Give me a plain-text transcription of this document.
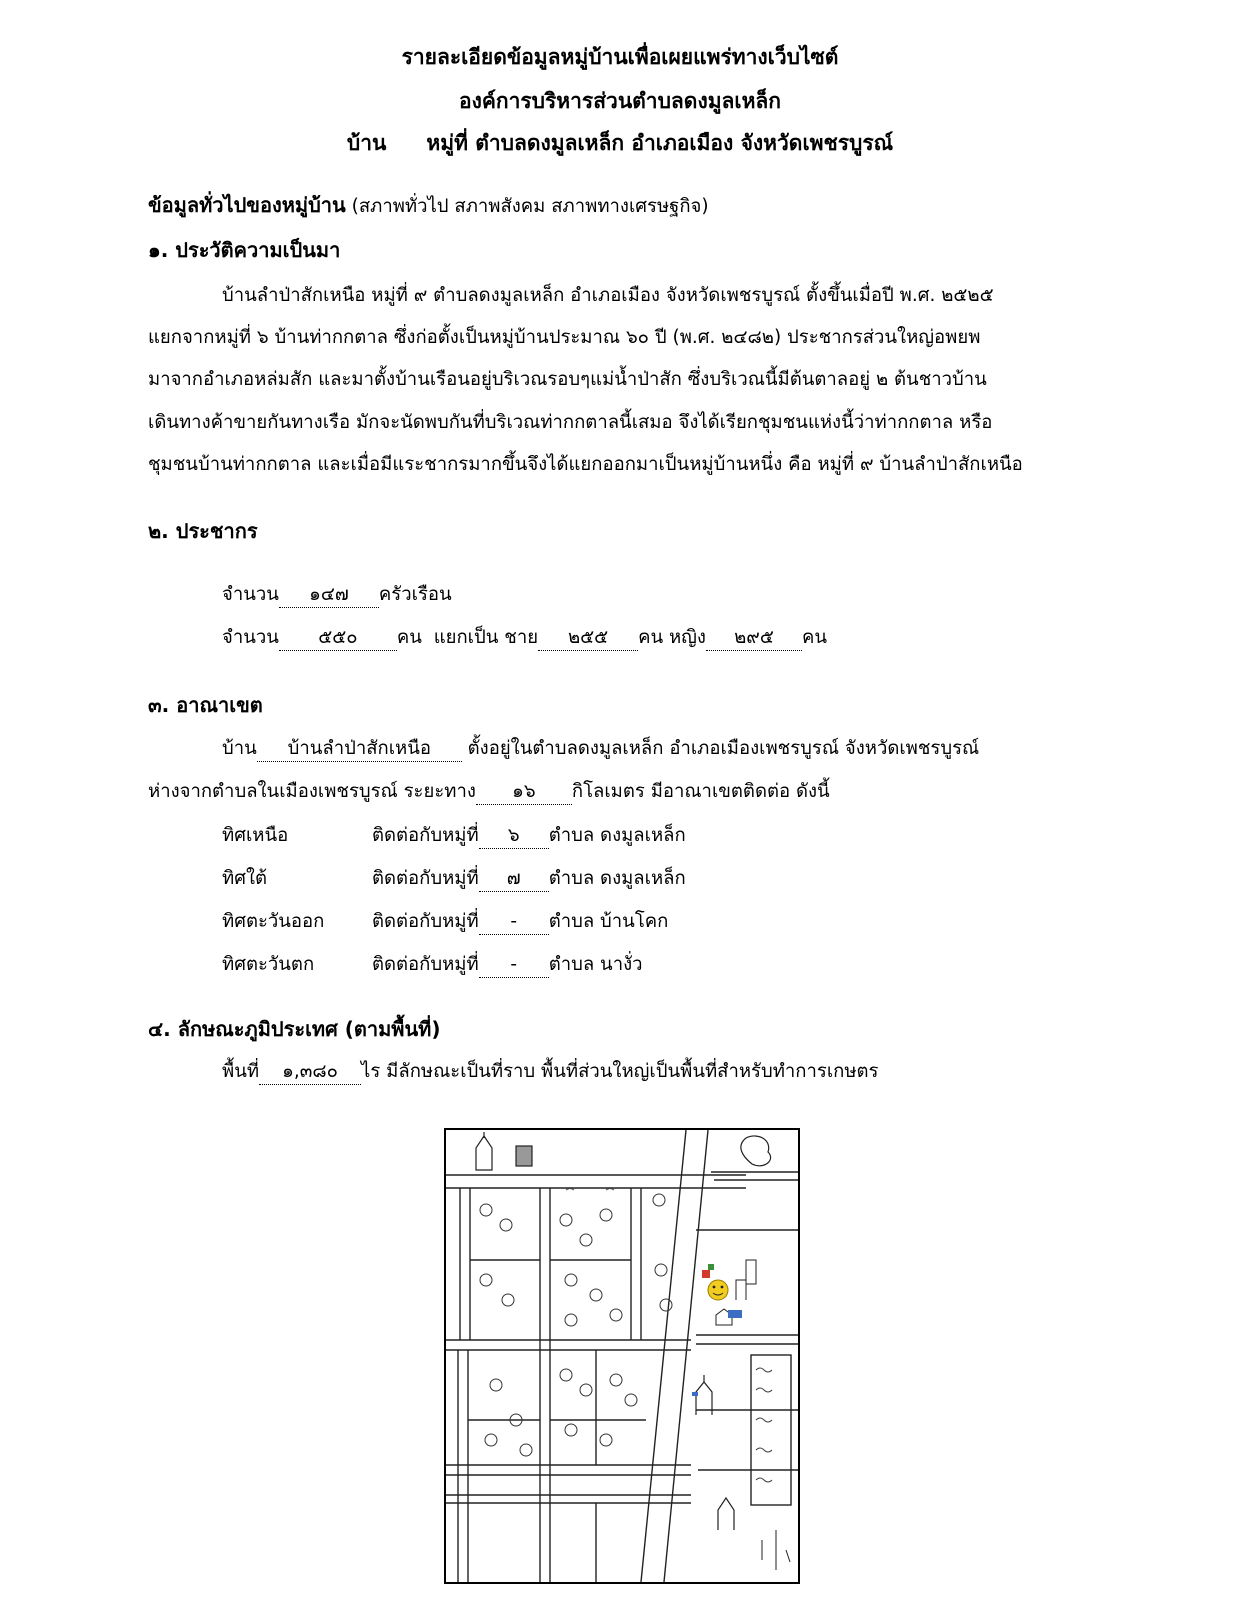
รายละเอียดข้อมูลหมู่บ้านเพื่อเผยแพร่ทางเว็บไซต์
องค์การบริหารส่วนตำบลดงมูลเหล็ก
บ้าน หมู่ที่ ตำบลดงมูลเหล็ก อำเภอเมือง จังหวัดเพชรบูรณ์
ข้อมูลทั่วไปของหมู่บ้าน (สภาพทั่วไป สภาพสังคม สภาพทางเศรษฐกิจ)
๑. ประวัติความเป็นมา
บ้านลำป่าสักเหนือ หมู่ที่ ๙ ตำบลดงมูลเหล็ก อำเภอเมือง จังหวัดเพชรบูรณ์ ตั้งขึ้นเมื่อปี พ.ศ. ๒๕๒๕
แยกจากหมู่ที่ ๖ บ้านท่ากกตาล ซึ่งก่อตั้งเป็นหมู่บ้านประมาณ ๖๐ ปี (พ.ศ. ๒๔๘๒) ประชากรส่วนใหญ่อพยพ
มาจากอำเภอหล่มสัก และมาตั้งบ้านเรือนอยู่บริเวณรอบๆแม่น้ำป่าสัก ซึ่งบริเวณนี้มีต้นตาลอยู่ ๒ ต้นชาวบ้าน
เดินทางค้าขายกันทางเรือ มักจะนัดพบกันที่บริเวณท่ากกตาลนี้เสมอ จึงได้เรียกชุมชนแห่งนี้ว่าท่ากกตาล หรือ
ชุมชนบ้านท่ากกตาล และเมื่อมีแระชากรมากขึ้นจึงได้แยกออกมาเป็นหมู่บ้านหนึ่ง คือ หมู่ที่ ๙ บ้านลำป่าสักเหนือ
๒. ประชากร
จำนวน ๑๔๗ ครัวเรือน
จำนวน ๕๕๐ คน แยกเป็น ชาย ๒๕๕ คน หญิง ๒๙๕ คน
๓. อาณาเขต
บ้าน บ้านลำป่าสักเหนือ ตั้งอยู่ในตำบลดงมูลเหล็ก อำเภอเมืองเพชรบูรณ์ จังหวัดเพชรบูรณ์
ห่างจากตำบลในเมืองเพชรบูรณ์ ระยะทาง ๑๖ กิโลเมตร มีอาณาเขตติดต่อ ดังนี้
ทิศเหนือ	ติดต่อกับหมู่ที่ ๖ ตำบล ดงมูลเหล็ก
ทิศใต้	ติดต่อกับหมู่ที่ ๗ ตำบล ดงมูลเหล็ก
ทิศตะวันออก	ติดต่อกับหมู่ที่ - ตำบล บ้านโคก
ทิศตะวันตก	ติดต่อกับหมู่ที่ - ตำบล นางั่ว
๔. ลักษณะภูมิประเทศ (ตามพื้นที่)
พื้นที่ ๑,๓๘๐ ไร มีลักษณะเป็นที่ราบ พื้นที่ส่วนใหญ่เป็นพื้นที่สำหรับทำการเกษตร
